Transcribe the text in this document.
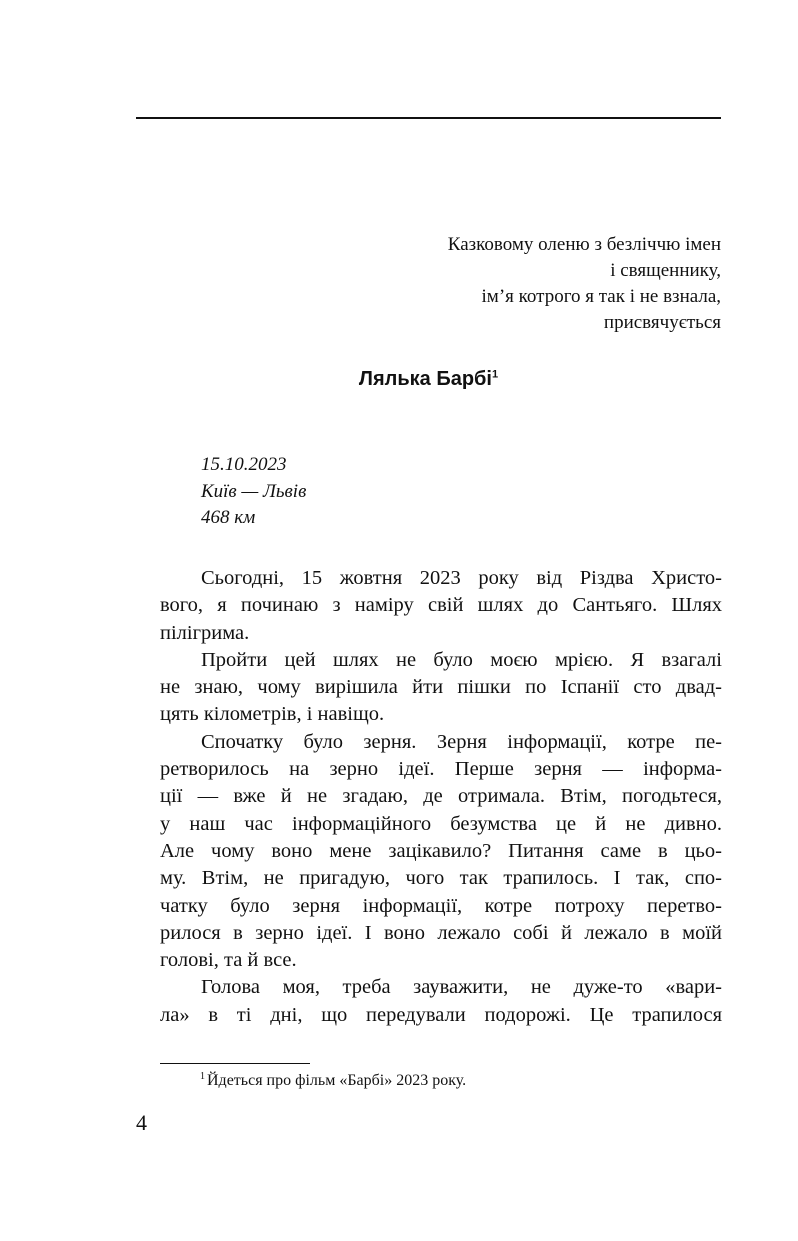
Казковому оленю з безліччю імен
і священнику,
ім’я котрого я так і не взнала,
присвячується
Лялька Барбі$^1$
15.10.2023
Київ — Львів
468 км
Сьогодні, 15 жовтня 2023 року від Різдва Христо-
вого, я починаю з наміру свій шлях до Сантьяго. Шлях
пілігрима.
Пройти цей шлях не було моєю мрією. Я взагалі
не знаю, чому вирішила йти пішки по Іспанії сто двад-
цять кілометрів, і навіщо.
Спочатку було зерня. Зерня інформації, котре пе-
ретворилось на зерно ідеї. Перше зерня — інформа-
ції — вже й не згадаю, де отримала. Втім, погодьтеся,
у наш час інформаційного безумства це й не дивно.
Але чому воно мене зацікавило? Питання саме в цьо-
му. Втім, не пригадую, чого так трапилось. І так, спо-
чатку було зерня інформації, котре потроху перетво-
рилося в зерно ідеї. І воно лежало собі й лежало в моїй
голові, та й все.
Голова моя, треба зауважити, не дуже-то «вари-
ла» в ті дні, що передували подорожі. Це трапилося
$^1$ Йдеться про фільм «Барбі» 2023 року.
4
